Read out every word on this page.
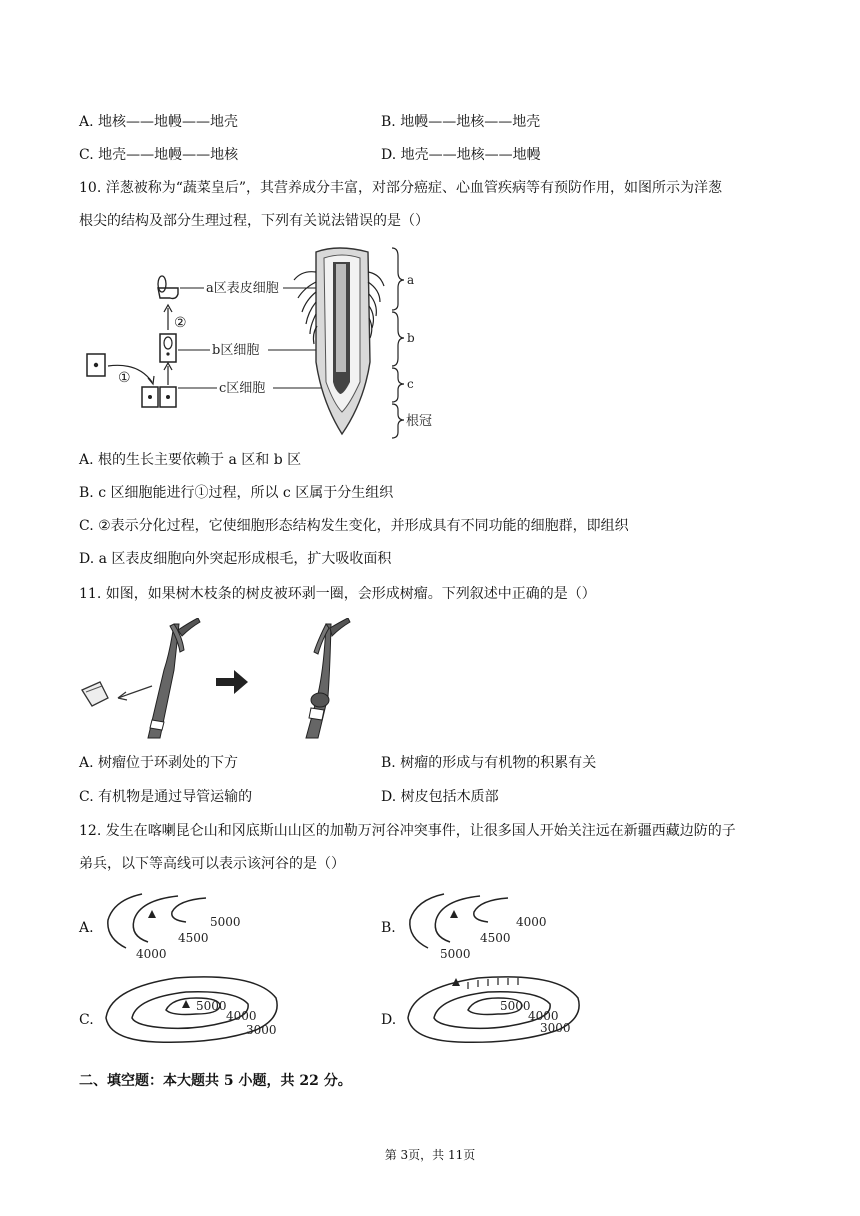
A. 地核——地幔——地壳	B. 地幔——地核——地壳
C. 地壳——地幔——地核	D. 地壳——地核——地幔
10. 洋葱被称为“蔬菜皇后”，其营养成分丰富，对部分癌症、心血管疾病等有预防作用，如图所示为洋葱
根尖的结构及部分生理过程，下列有关说法错误的是（）
①
②
a区表皮细胞
b区细胞
c区细胞
a
b
c
根冠
A. 根的生长主要依赖于 a 区和 b 区
B. c 区细胞能进行①过程，所以 c 区属于分生组织
C. ②表示分化过程，它使细胞形态结构发生变化，并形成具有不同功能的细胞群，即组织
D. a 区表皮细胞向外突起形成根毛，扩大吸收面积
11. 如图，如果树木枝条的树皮被环剥一圈，会形成树瘤。下列叙述中正确的是（）
A. 树瘤位于环剥处的下方	B. 树瘤的形成与有机物的积累有关
C. 有机物是通过导管运输的	D. 树皮包括木质部
12. 发生在喀喇昆仑山和冈底斯山山区的加勒万河谷冲突事件，让很多国人开始关注远在新疆西藏边防的子
弟兵，以下等高线可以表示该河谷的是（）
A.	5000
4500
4000
B.	4000
4500
5000
C.
5000
4000
3000
D.
5000
4000
3000
二、填空题：本大题共 5 小题，共 22 分。
第 3页，共 11页
